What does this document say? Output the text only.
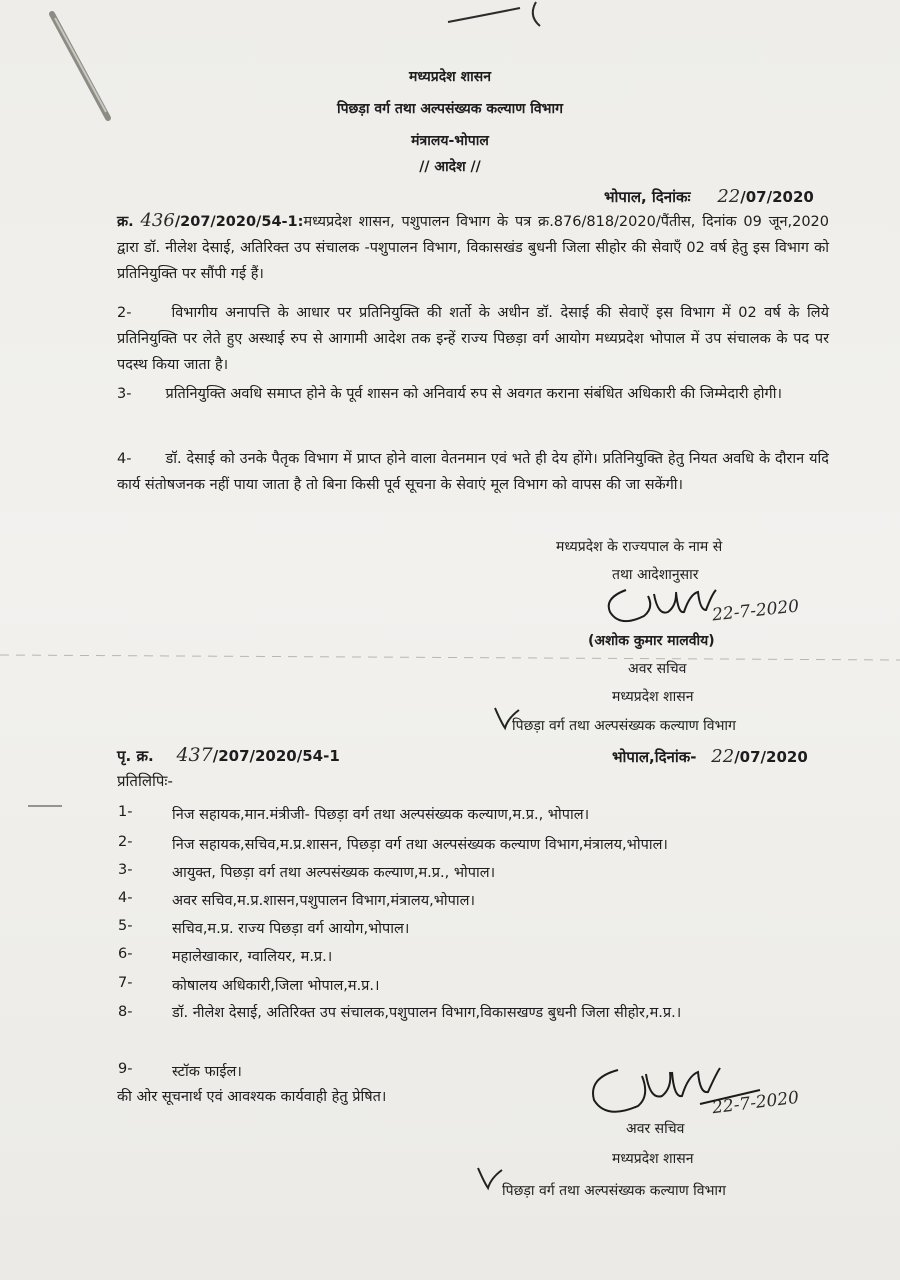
मध्यप्रदेश शासन
पिछड़ा वर्ग तथा अल्पसंख्यक कल्याण विभाग
मंत्रालय-भोपाल
// आदेश //
भोपाल, दिनांकः 22/07/2020
क्र. 436/207/2020/54-1:मध्यप्रदेश शासन, पशुपालन विभाग के पत्र क्र.876/818/2020/पैंतीस, दिनांक 09 जून,2020 द्वारा डॉ. नीलेश देसाई, अतिरिक्त उप संचालक -पशुपालन विभाग, विकासखंड बुधनी जिला सीहोर की सेवाएँ 02 वर्ष हेतु इस विभाग को प्रतिनियुक्ति पर सौंपी गई हैं।
2-	विभागीय अनापत्ति के आधार पर प्रतिनियुक्ति की शर्तो के अधीन डॉ. देसाई की सेवाऐं इस विभाग में 02 वर्ष के लिये प्रतिनियुक्ति पर लेते हुए अस्थाई रुप से आगामी आदेश तक इन्हें राज्य पिछड़ा वर्ग आयोग मध्यप्रदेश भोपाल में उप संचालक के पद पर पदस्थ किया जाता है।
3- प्रतिनियुक्ति अवधि समाप्त होने के पूर्व शासन को अनिवार्य रुप से अवगत कराना संबंधित अधिकारी की जिम्मेदारी होगी।
4- डॉ. देसाई को उनके पैतृक विभाग में प्राप्त होने वाला वेतनमान एवं भते ही देय होंगे। प्रतिनियुक्ति हेतु नियत अवधि के दौरान यदि कार्य संतोषजनक नहीं पाया जाता है तो बिना किसी पूर्व सूचना के सेवाएं मूल विभाग को वापस की जा सकेंगी।
मध्यप्रदेश के राज्यपाल के नाम से
तथा आदेशानुसार
22-7-2020
(अशोक कुमार मालवीय)
अवर सचिव
मध्यप्रदेश शासन
पिछड़ा वर्ग तथा अल्पसंख्यक कल्याण विभाग
पृ. क्र. 437/207/2020/54-1	भोपाल,दिनांक- 22/07/2020
प्रतिलिपिः-
1-	निज सहायक,मान.मंत्रीजी- पिछड़ा वर्ग तथा अल्पसंख्यक कल्याण,म.प्र., भोपाल।
2-	निज सहायक,सचिव,म.प्र.शासन, पिछड़ा वर्ग तथा अल्पसंख्यक कल्याण विभाग,मंत्रालय,भोपाल।
3-	आयुक्त, पिछड़ा वर्ग तथा अल्पसंख्यक कल्याण,म.प्र., भोपाल।
4-	अवर सचिव,म.प्र.शासन,पशुपालन विभाग,मंत्रालय,भोपाल।
5-	सचिव,म.प्र. राज्य पिछड़ा वर्ग आयोग,भोपाल।
6-	महालेखाकार, ग्वालियर, म.प्र.।
7-	कोषालय अधिकारी,जिला भोपाल,म.प्र.।
8-	डॉ. नीलेश देसाई, अतिरिक्त उप संचालक,पशुपालन विभाग,विकासखण्ड बुधनी जिला सीहोर,म.प्र.।
9-	स्टॉक फाईल।
की ओर सूचनार्थ एवं आवश्यक कार्यवाही हेतु प्रेषित।	22-7-2020
अवर सचिव
मध्यप्रदेश शासन
पिछड़ा वर्ग तथा अल्पसंख्यक कल्याण विभाग
